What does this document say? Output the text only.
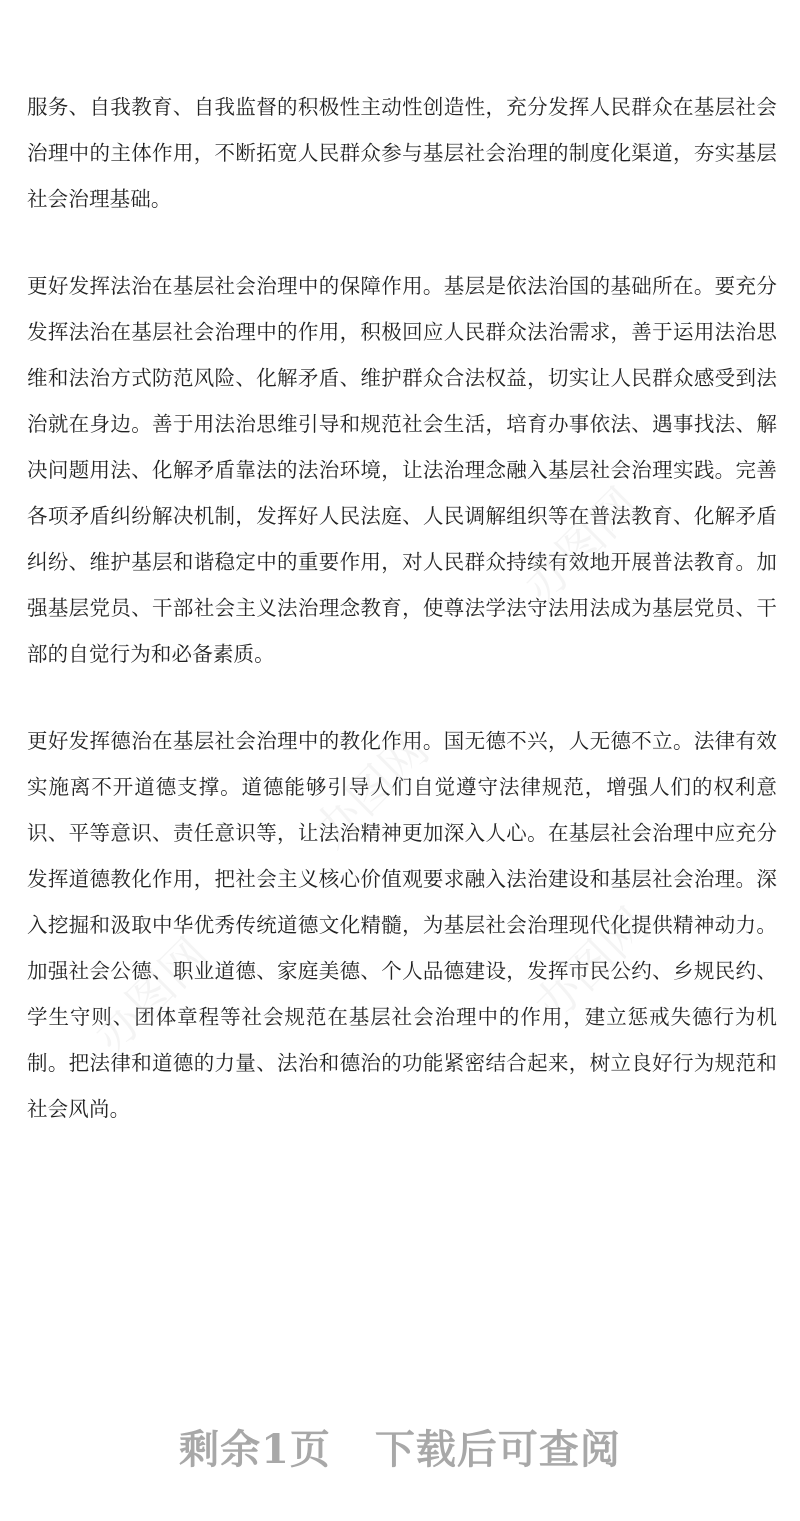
服务、自我教育、自我监督的积极性主动性创造性，充分发挥人民群众在基层社会治理中的主体作用，不断拓宽人民群众参与基层社会治理的制度化渠道，夯实基层社会治理基础。

更好发挥法治在基层社会治理中的保障作用。基层是依法治国的基础所在。要充分发挥法治在基层社会治理中的作用，积极回应人民群众法治需求，善于运用法治思维和法治方式防范风险、化解矛盾、维护群众合法权益，切实让人民群众感受到法治就在身边。善于用法治思维引导和规范社会生活，培育办事依法、遇事找法、解决问题用法、化解矛盾靠法的法治环境，让法治理念融入基层社会治理实践。完善各项矛盾纠纷解决机制，发挥好人民法庭、人民调解组织等在普法教育、化解矛盾纠纷、维护基层和谐稳定中的重要作用，对人民群众持续有效地开展普法教育。加强基层党员、干部社会主义法治理念教育，使尊法学法守法用法成为基层党员、干部的自觉行为和必备素质。

更好发挥德治在基层社会治理中的教化作用。国无德不兴，人无德不立。法律有效实施离不开道德支撑。道德能够引导人们自觉遵守法律规范，增强人们的权利意识、平等意识、责任意识等，让法治精神更加深入人心。在基层社会治理中应充分发挥道德教化作用，把社会主义核心价值观要求融入法治建设和基层社会治理。深入挖掘和汲取中华优秀传统道德文化精髓，为基层社会治理现代化提供精神动力。加强社会公德、职业道德、家庭美德、个人品德建设，发挥市民公约、乡规民约、学生守则、团体章程等社会规范在基层社会治理中的作用，建立惩戒失德行为机制。把法律和道德的力量、法治和德治的功能紧密结合起来，树立良好行为规范和社会风尚。

办图网
办图网
办图网
办图网
剩余1页 下载后可查阅
